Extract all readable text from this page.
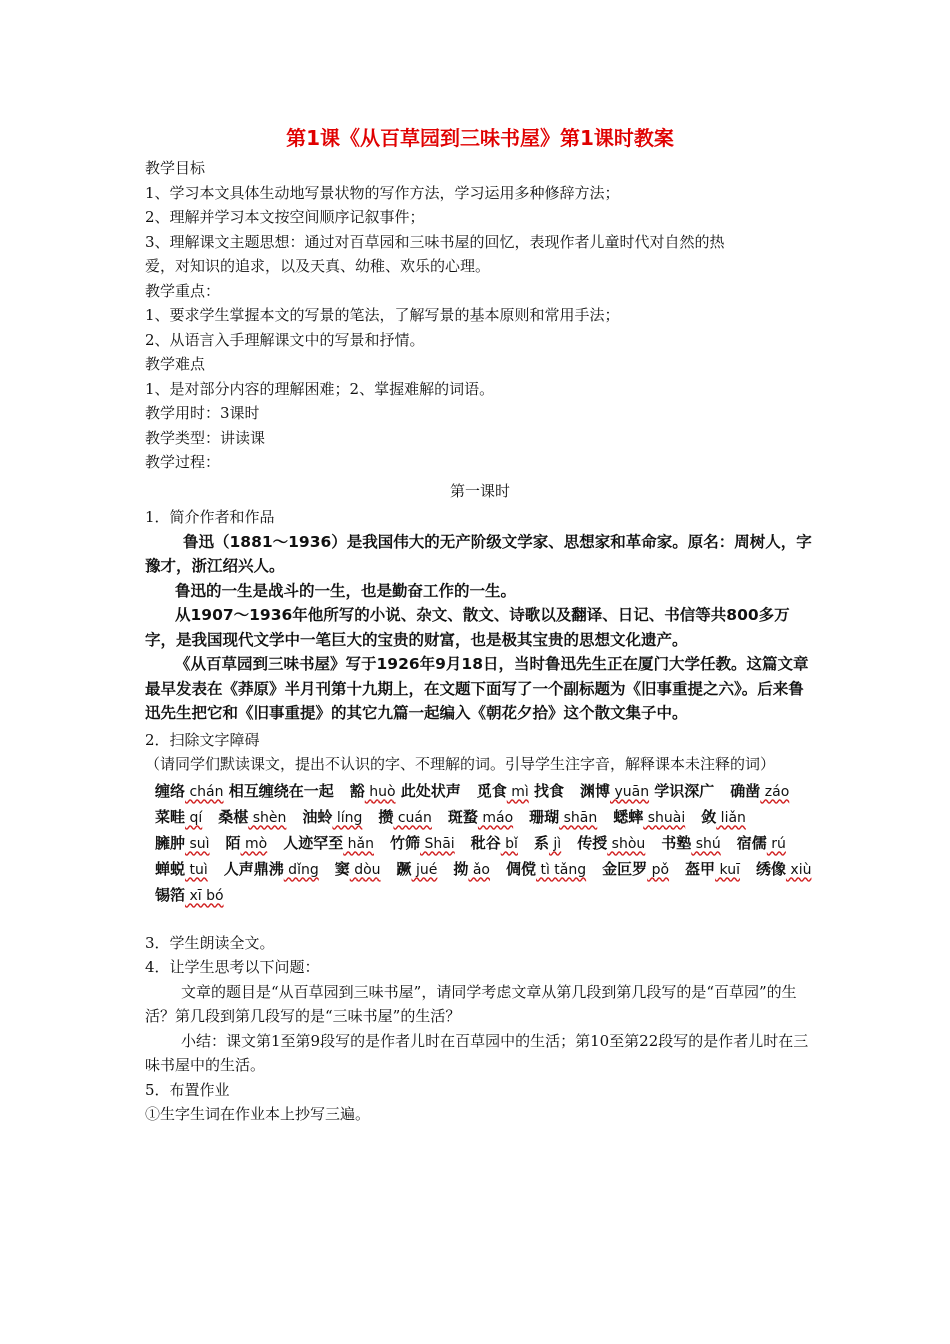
第1课《从百草园到三味书屋》第1课时教案

教学目标

1、学习本文具体生动地写景状物的写作方法，学习运用多种修辞方法；

2、理解并学习本文按空间顺序记叙事件；

3、理解课文主题思想：通过对百草园和三味书屋的回忆，表现作者儿童时代对自然的热

爱，对知识的追求，以及天真、幼稚、欢乐的心理。

教学重点：

1、要求学生掌握本文的写景的笔法，了解写景的基本原则和常用手法；

2、从语言入手理解课文中的写景和抒情。

教学难点

1、是对部分内容的理解困难；2、掌握难解的词语。

教学用时：3课时

教学类型：讲读课

教学过程：

第一课时

1．简介作者和作品

鲁迅（1881～1936）是我国伟大的无产阶级文学家、思想家和革命家。原名：周树人，字豫才，浙江绍兴人。

鲁迅的一生是战斗的一生，也是勤奋工作的一生。

从1907～1936年他所写的小说、杂文、散文、诗歌以及翻译、日记、书信等共800多万字，是我国现代文学中一笔巨大的宝贵的财富，也是极其宝贵的思想文化遗产。

《从百草园到三味书屋》写于1926年9月18日，当时鲁迅先生正在厦门大学任教。这篇文章最早发表在《莽原》半月刊第十九期上，在文题下面写了一个副标题为《旧事重提之六》。后来鲁迅先生把它和《旧事重提》的其它九篇一起编入《朝花夕拾》这个散文集子中。

2．扫除文字障碍

（请同学们默读课文，提出不认识的字、不理解的词。引导学生注字音，解释课本未注释的词）

缠络 chán 相互缠绕在一起 豁 huò 此处状声 觅食 mì 找食 渊博 yuān 学识深广 确凿 záo
菜畦 qí 桑椹 shèn 油蛉 líng 攒 cuán 斑蝥 máo 珊瑚 shān 蟋蟀 shuài 敛 liǎn
臃肿 suì 陌 mò 人迹罕至 hǎn 竹筛 Shāi 秕谷 bǐ 系 jì 传授 shòu 书塾 shú 宿儒 rú
蝉蜕 tuì 人声鼎沸 dǐng 窦 dòu 蹶 jué 拗 ǎo 倜傥 tì tǎng 金叵罗 pǒ 盔甲 kuī 绣像 xiù
锡箔 xī bó

3．学生朗读全文。

4．让学生思考以下问题：

文章的题目是“从百草园到三味书屋”，请同学考虑文章从第几段到第几段写的是“百草园”的生活？第几段到第几段写的是“三味书屋”的生活？

小结：课文第1至第9段写的是作者儿时在百草园中的生活；第10至第22段写的是作者儿时在三味书屋中的生活。

5．布置作业

①生字生词在作业本上抄写三遍。
